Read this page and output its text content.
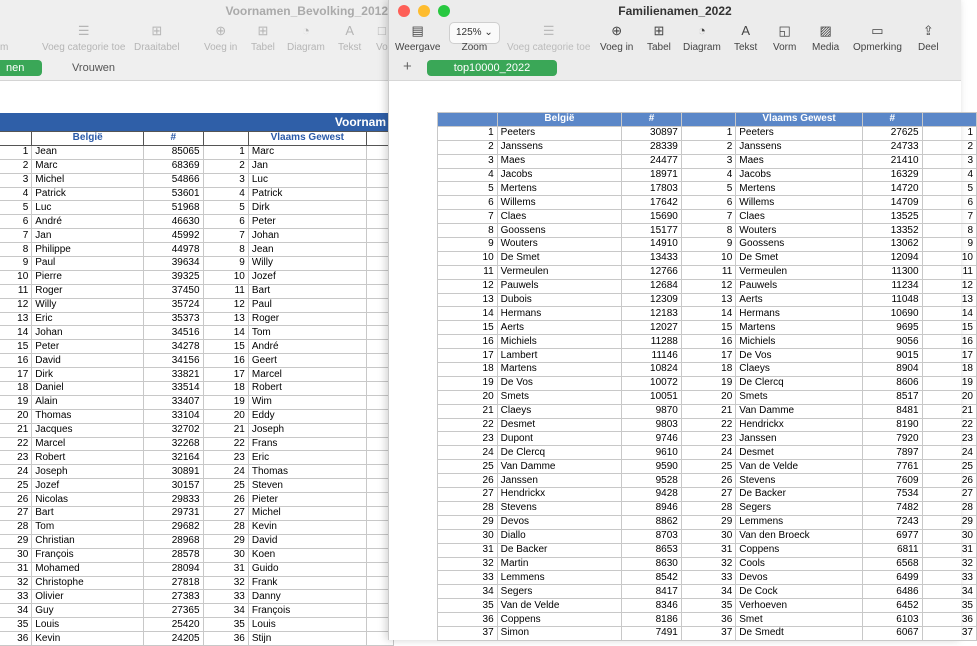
Voornamen_Bevolking_2012

m
☰
Voeg categorie toe
⊞
Draaitabel
⊕
Voeg in
⊞
Tabel
◔
Diagram
A
Tekst
□
Vo
nen	Vrouwen
Voornam
	België	#		Vlaams Gewest	
1	Jean	85065	1	Marc	
2	Marc	68369	2	Jan	
3	Michel	54866	3	Luc	
4	Patrick	53601	4	Patrick	
5	Luc	51968	5	Dirk	
6	André	46630	6	Peter	
7	Jan	45992	7	Johan	
8	Philippe	44978	8	Jean	
9	Paul	39634	9	Willy	
10	Pierre	39325	10	Jozef	
11	Roger	37450	11	Bart	
12	Willy	35724	12	Paul	
13	Eric	35373	13	Roger	
14	Johan	34516	14	Tom	
15	Peter	34278	15	André	
16	David	34156	16	Geert	
17	Dirk	33821	17	Marcel	
18	Daniel	33514	18	Robert	
19	Alain	33407	19	Wim	
20	Thomas	33104	20	Eddy	
21	Jacques	32702	21	Joseph	
22	Marcel	32268	22	Frans	
23	Robert	32164	23	Eric	
24	Joseph	30891	24	Thomas	
25	Jozef	30157	25	Steven	
26	Nicolas	29833	26	Pieter	
27	Bart	29731	27	Michel	
28	Tom	29682	28	Kevin	
29	Christian	28968	29	David	
30	François	28578	30	Koen	
31	Mohamed	28094	31	Guido	
32	Christophe	27818	32	Frank	
33	Olivier	27383	33	Danny	
34	Guy	27365	34	François	
35	Louis	25420	35	Louis	
36	Kevin	24205	36	Stijn	
Familienamen_2022
▤
Weergave
125% ⌄
Zoom
☰
Voeg categorie toe
⊕
Voeg in
⊞
Tabel
◔
Diagram
A
Tekst
◱
Vorm
▨
Media
▭
Opmerking
⇪
Deel
+	top10000_2022
	België	#		Vlaams Gewest	#	
1	Peeters	30897	1	Peeters	27625	1
2	Janssens	28339	2	Janssens	24733	2
3	Maes	24477	3	Maes	21410	3
4	Jacobs	18971	4	Jacobs	16329	4
5	Mertens	17803	5	Mertens	14720	5
6	Willems	17642	6	Willems	14709	6
7	Claes	15690	7	Claes	13525	7
8	Goossens	15177	8	Wouters	13352	8
9	Wouters	14910	9	Goossens	13062	9
10	De Smet	13433	10	De Smet	12094	10
11	Vermeulen	12766	11	Vermeulen	11300	11
12	Pauwels	12684	12	Pauwels	11234	12
13	Dubois	12309	13	Aerts	11048	13
14	Hermans	12183	14	Hermans	10690	14
15	Aerts	12027	15	Martens	9695	15
16	Michiels	11288	16	Michiels	9056	16
17	Lambert	11146	17	De Vos	9015	17
18	Martens	10824	18	Claeys	8904	18
19	De Vos	10072	19	De Clercq	8606	19
20	Smets	10051	20	Smets	8517	20
21	Claeys	9870	21	Van Damme	8481	21
22	Desmet	9803	22	Hendrickx	8190	22
23	Dupont	9746	23	Janssen	7920	23
24	De Clercq	9610	24	Desmet	7897	24
25	Van Damme	9590	25	Van de Velde	7761	25
26	Janssen	9528	26	Stevens	7609	26
27	Hendrickx	9428	27	De Backer	7534	27
28	Stevens	8946	28	Segers	7482	28
29	Devos	8862	29	Lemmens	7243	29
30	Diallo	8703	30	Van den Broeck	6977	30
31	De Backer	8653	31	Coppens	6811	31
32	Martin	8630	32	Cools	6568	32
33	Lemmens	8542	33	Devos	6499	33
34	Segers	8417	34	De Cock	6486	34
35	Van de Velde	8346	35	Verhoeven	6452	35
36	Coppens	8186	36	Smet	6103	36
37	Simon	7491	37	De Smedt	6067	37
